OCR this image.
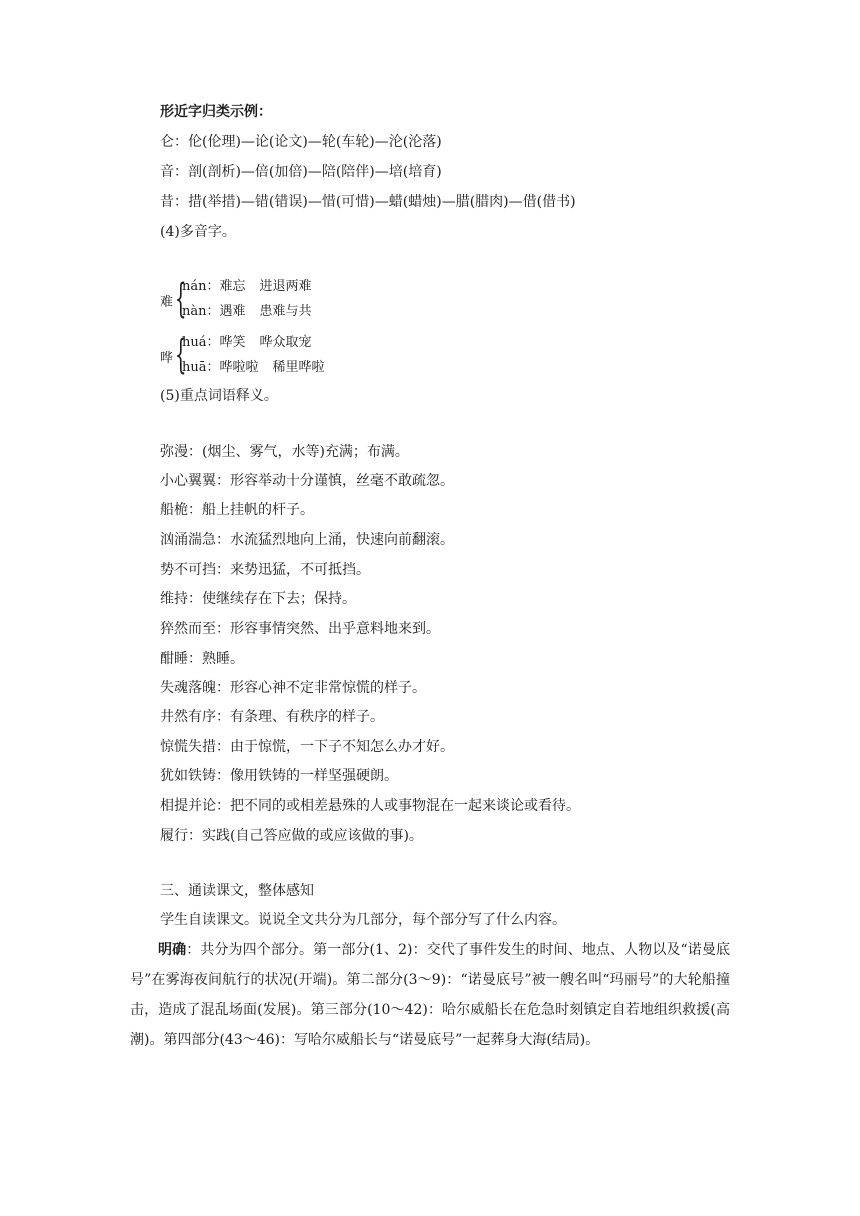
形近字归类示例：
仑：伦(伦理)—论(论文)—轮(车轮)—沦(沦落)
音：剖(剖析)—倍(加倍)—陪(陪伴)—培(培育)
昔：措(举措)—错(错误)—惜(可惜)—蜡(蜡烛)—腊(腊肉)—借(借书)
(4)多音字。
难 {
nán：难忘 进退两难
nàn：遇难 患难与共
哗 {
huá：哗笑 哗众取宠
huā：哗啦啦 稀里哗啦
(5)重点词语释义。
弥漫：(烟尘、雾气，水等)充满；布满。
小心翼翼：形容举动十分谨慎，丝毫不敢疏忽。
船桅：船上挂帆的杆子。
汹涌湍急：水流猛烈地向上涌，快速向前翻滚。
势不可挡：来势迅猛，不可抵挡。
维持：使继续存在下去；保持。
猝然而至：形容事情突然、出乎意料地来到。
酣睡：熟睡。
失魂落魄：形容心神不定非常惊慌的样子。
井然有序：有条理、有秩序的样子。
惊慌失措：由于惊慌，一下子不知怎么办才好。
犹如铁铸：像用铁铸的一样坚强硬朗。
相提并论：把不同的或相差悬殊的人或事物混在一起来谈论或看待。
履行：实践(自己答应做的或应该做的事)。
三、通读课文，整体感知
学生自读课文。说说全文共分为几部分，每个部分写了什么内容。
明确：共分为四个部分。第一部分(1、2)：交代了事件发生的时间、地点、人物以及“诺曼底号”在雾海夜间航行的状况(开端)。第二部分(3～9)：“诺曼底号”被一艘名叫“玛丽号”的大轮船撞击，造成了混乱场面(发展)。第三部分(10～42)：哈尔威船长在危急时刻镇定自若地组织救援(高潮)。第四部分(43～46)：写哈尔威船长与“诺曼底号”一起葬身大海(结局)。
